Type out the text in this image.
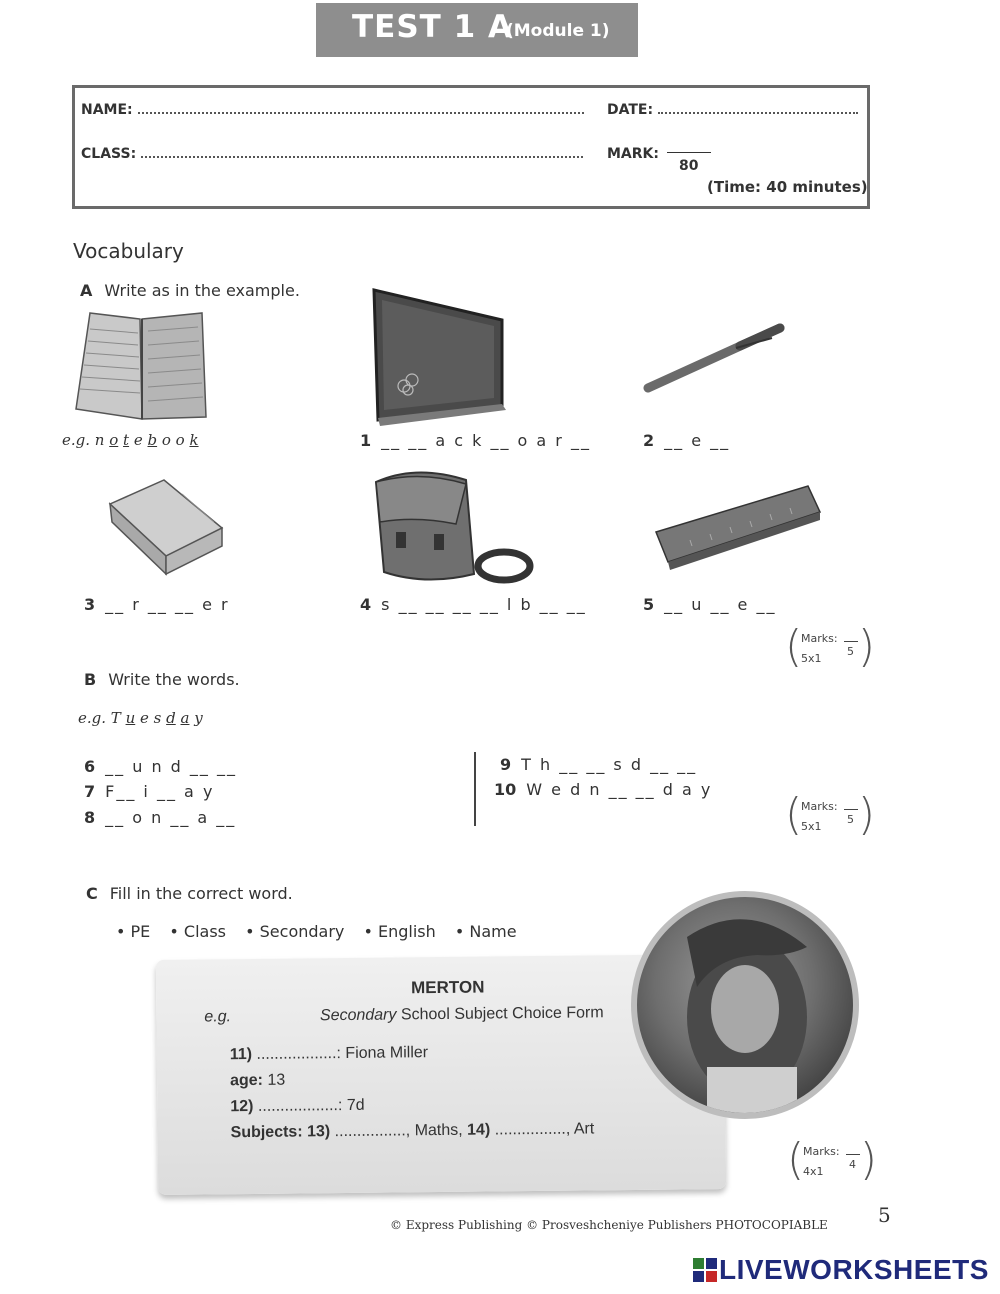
TEST 1 A
(Module 1)
NAME:	DATE:
CLASS:	MARK:
80
(Time: 40 minutes)
Vocabulary
A Write as in the example.
e.g. n o t e b o o k	1 __ __ a c k __ o a r __	2 __ e __
3 __ r __ __ e r	4 s __ __ __ __ l b __ __	5 __ u __ e __
( )
Marks:
5
5x1
B Write the words.
e.g. T u e s d a y
6 __ u n d __ __
7 F__ i __ a y
8 __ o n __ a __
9 T h __ __ s d __ __
10 W e d n __ __ d a y ( )
Marks:
5
5x1
C Fill in the correct word.
• PE • Class • Secondary • English • Name
MERTON
e.g.	Secondary School Subject Choice Form
11) ..................: Fiona Miller
age: 13
12) ..................: 7d
Subjects: 13) ................, Maths, 14) ................, Art
( )
Marks:
4
4x1
© Express Publishing © Prosveshcheniye Publishers PHOTOCOPIABLE	5
LIVEWORKSHEETS
